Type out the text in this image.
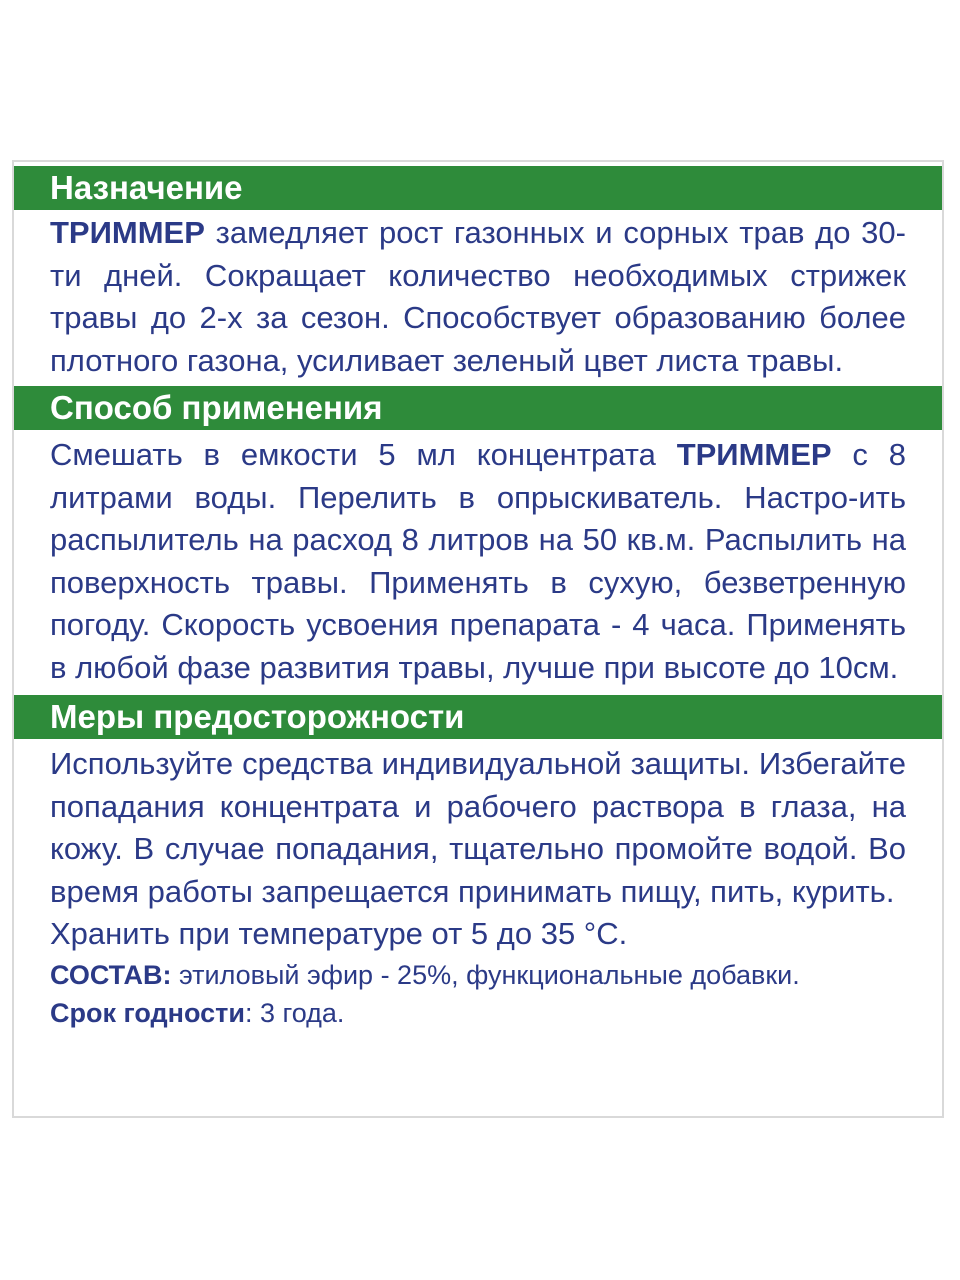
Назначение

ТРИММЕР замедляет рост газонных и сорных трав до 30-ти дней. Сокращает количество необходимых стрижек травы до 2-х за сезон. Способствует образованию более плотного газона, усиливает зеленый цвет листа травы.

Способ применения

Смешать в емкости 5 мл концентрата ТРИММЕР с 8 литрами воды. Перелить в опрыскиватель. Настро-ить распылитель на расход 8 литров на 50 кв.м. Распылить на поверхность травы. Применять в сухую, безветренную погоду. Скорость усвоения препарата - 4 часа. Применять в любой фазе развития травы, лучше при высоте до 10см.

Меры предосторожности

Используйте средства индивидуальной защиты. Избегайте попадания концентрата и рабочего раствора в глаза, на кожу. В случае попадания, тщательно промойте водой. Во время работы запрещается принимать пищу, пить, курить.

Хранить при температуре от 5 до 35 °С.

СОСТАВ: этиловый эфир - 25%, функциональные добавки.

Срок годности: 3 года.
